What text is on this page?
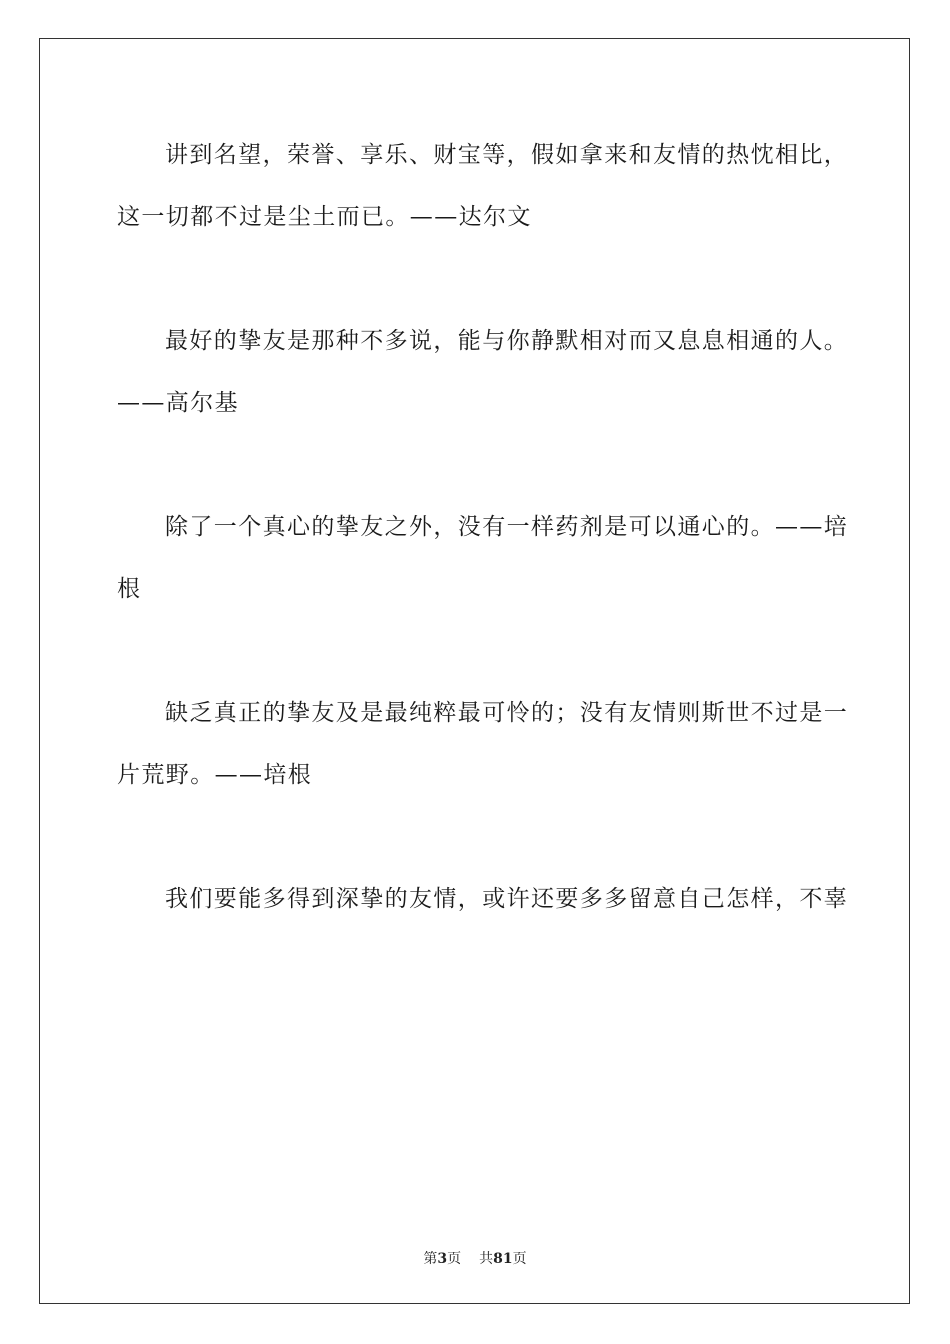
讲到名望，荣誉、享乐、财宝等，假如拿来和友情的热忱相比，
这一切都不过是尘土而已。——达尔文

最好的挚友是那种不多说，能与你静默相对而又息息相通的人。
——高尔基

除了一个真心的挚友之外，没有一样药剂是可以通心的。——培
根

缺乏真正的挚友及是最纯粹最可怜的；没有友情则斯世不过是一
片荒野。——培根

我们要能多得到深挚的友情，或许还要多多留意自己怎样，不辜
第3页 共81页
